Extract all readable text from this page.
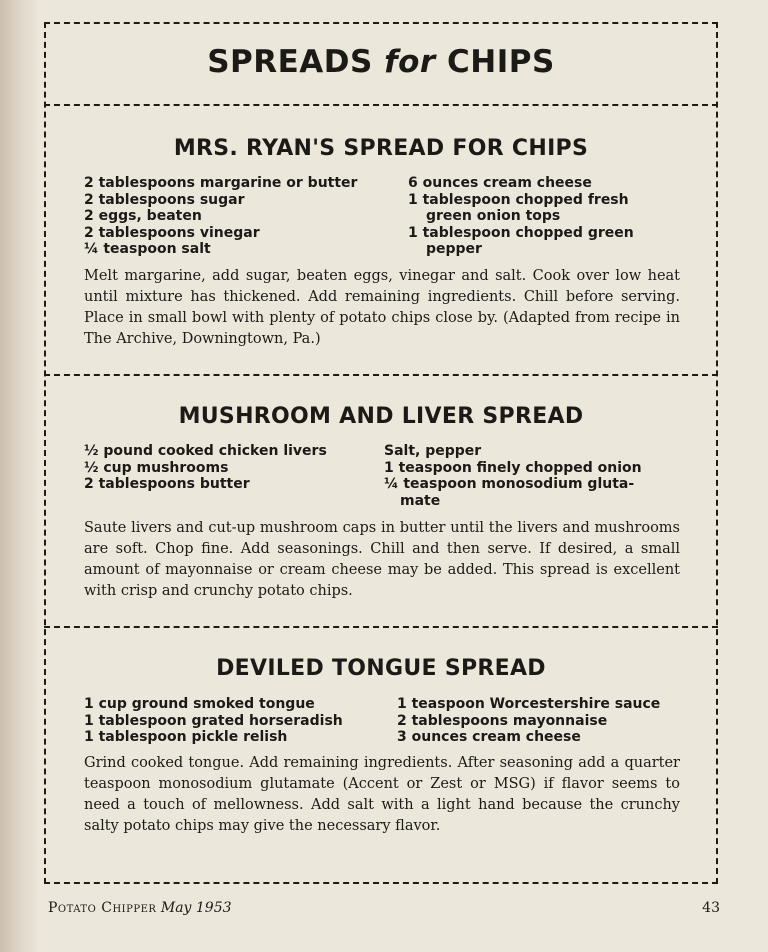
SPREADS for CHIPS
MRS. RYAN'S SPREAD FOR CHIPS
2 tablespoons margarine or butter
2 tablespoons sugar
2 eggs, beaten
2 tablespoons vinegar
¼ teaspoon salt
6 ounces cream cheese
1 tablespoon chopped fresh
green onion tops
1 tablespoon chopped green
pepper

Melt margarine, add sugar, beaten eggs, vinegar and salt. Cook over low heat until mixture has thickened. Add remaining ingredients. Chill before serving. Place in small bowl with plenty of potato chips close by. (Adapted from recipe in The Archive, Downingtown, Pa.)

MUSHROOM AND LIVER SPREAD
½ pound cooked chicken livers
½ cup mushrooms
2 tablespoons butter
Salt, pepper
1 teaspoon finely chopped onion
¼ teaspoon monosodium gluta-
mate

Saute livers and cut-up mushroom caps in butter until the livers and mushrooms are soft. Chop fine. Add seasonings. Chill and then serve. If desired, a small amount of mayonnaise or cream cheese may be added. This spread is excellent with crisp and crunchy potato chips.

DEVILED TONGUE SPREAD
1 cup ground smoked tongue
1 tablespoon grated horseradish
1 tablespoon pickle relish
1 teaspoon Worcestershire sauce
2 tablespoons mayonnaise
3 ounces cream cheese

Grind cooked tongue. Add remaining ingredients. After seasoning add a quarter teaspoon monosodium glutamate (Accent or Zest or MSG) if flavor seems to need a touch of mellowness. Add salt with a light hand because the crunchy salty potato chips may give the necessary flavor.

Potato Chipper May 1953	43
